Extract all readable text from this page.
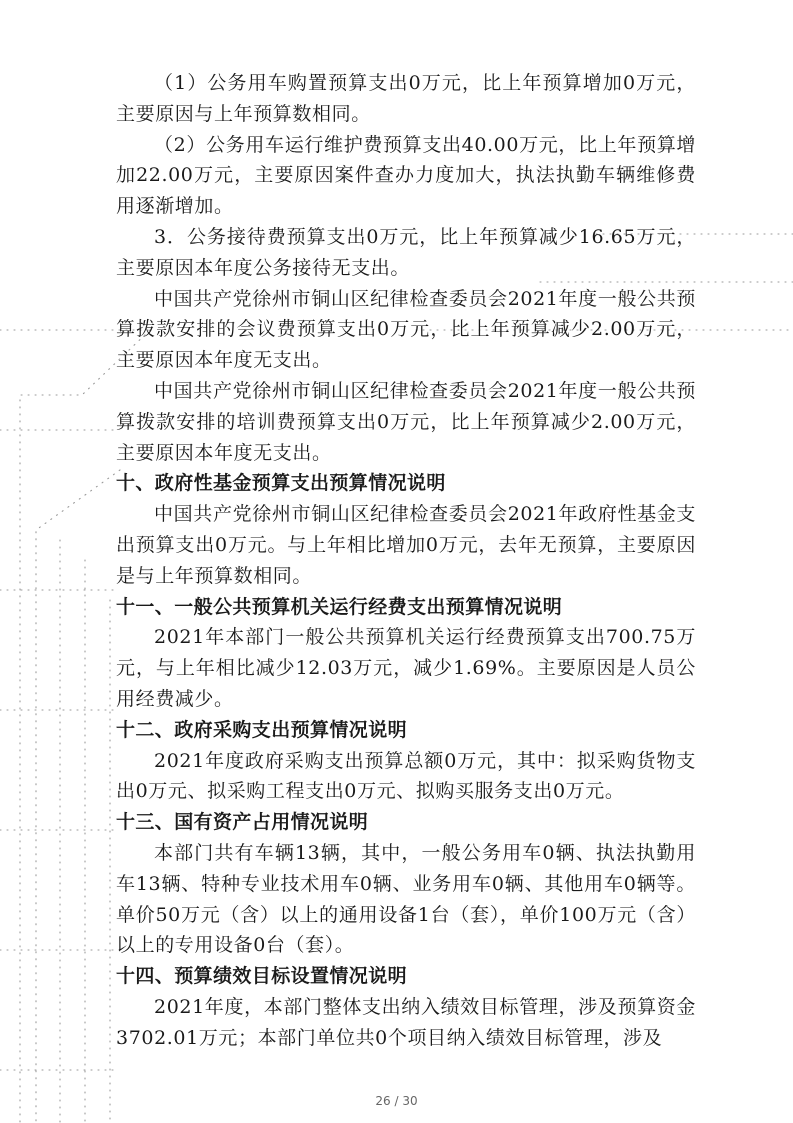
（1）公务用车购置预算支出0万元，比上年预算增加0万元，主要原因与上年预算数相同。

（2）公务用车运行维护费预算支出40.00万元，比上年预算增加22.00万元，主要原因案件查办力度加大，执法执勤车辆维修费用逐渐增加。

3．公务接待费预算支出0万元，比上年预算减少16.65万元，主要原因本年度公务接待无支出。

中国共产党徐州市铜山区纪律检查委员会2021年度一般公共预算拨款安排的会议费预算支出0万元，比上年预算减少2.00万元，主要原因本年度无支出。

中国共产党徐州市铜山区纪律检查委员会2021年度一般公共预算拨款安排的培训费预算支出0万元，比上年预算减少2.00万元，主要原因本年度无支出。

十、政府性基金预算支出预算情况说明

中国共产党徐州市铜山区纪律检查委员会2021年政府性基金支出预算支出0万元。与上年相比增加0万元，去年无预算，主要原因是与上年预算数相同。

十一、一般公共预算机关运行经费支出预算情况说明

2021年本部门一般公共预算机关运行经费预算支出700.75万元，与上年相比减少12.03万元，减少1.69%。主要原因是人员公用经费减少。

十二、政府采购支出预算情况说明

2021年度政府采购支出预算总额0万元，其中：拟采购货物支出0万元、拟采购工程支出0万元、拟购买服务支出0万元。

十三、国有资产占用情况说明

本部门共有车辆13辆，其中，一般公务用车0辆、执法执勤用车13辆、特种专业技术用车0辆、业务用车0辆、其他用车0辆等。单价50万元（含）以上的通用设备1台（套），单价100万元（含）以上的专用设备0台（套）。

十四、预算绩效目标设置情况说明

2021年度，本部门整体支出纳入绩效目标管理，涉及预算资金3702.01万元；本部门单位共0个项目纳入绩效目标管理，涉及

26 / 30
